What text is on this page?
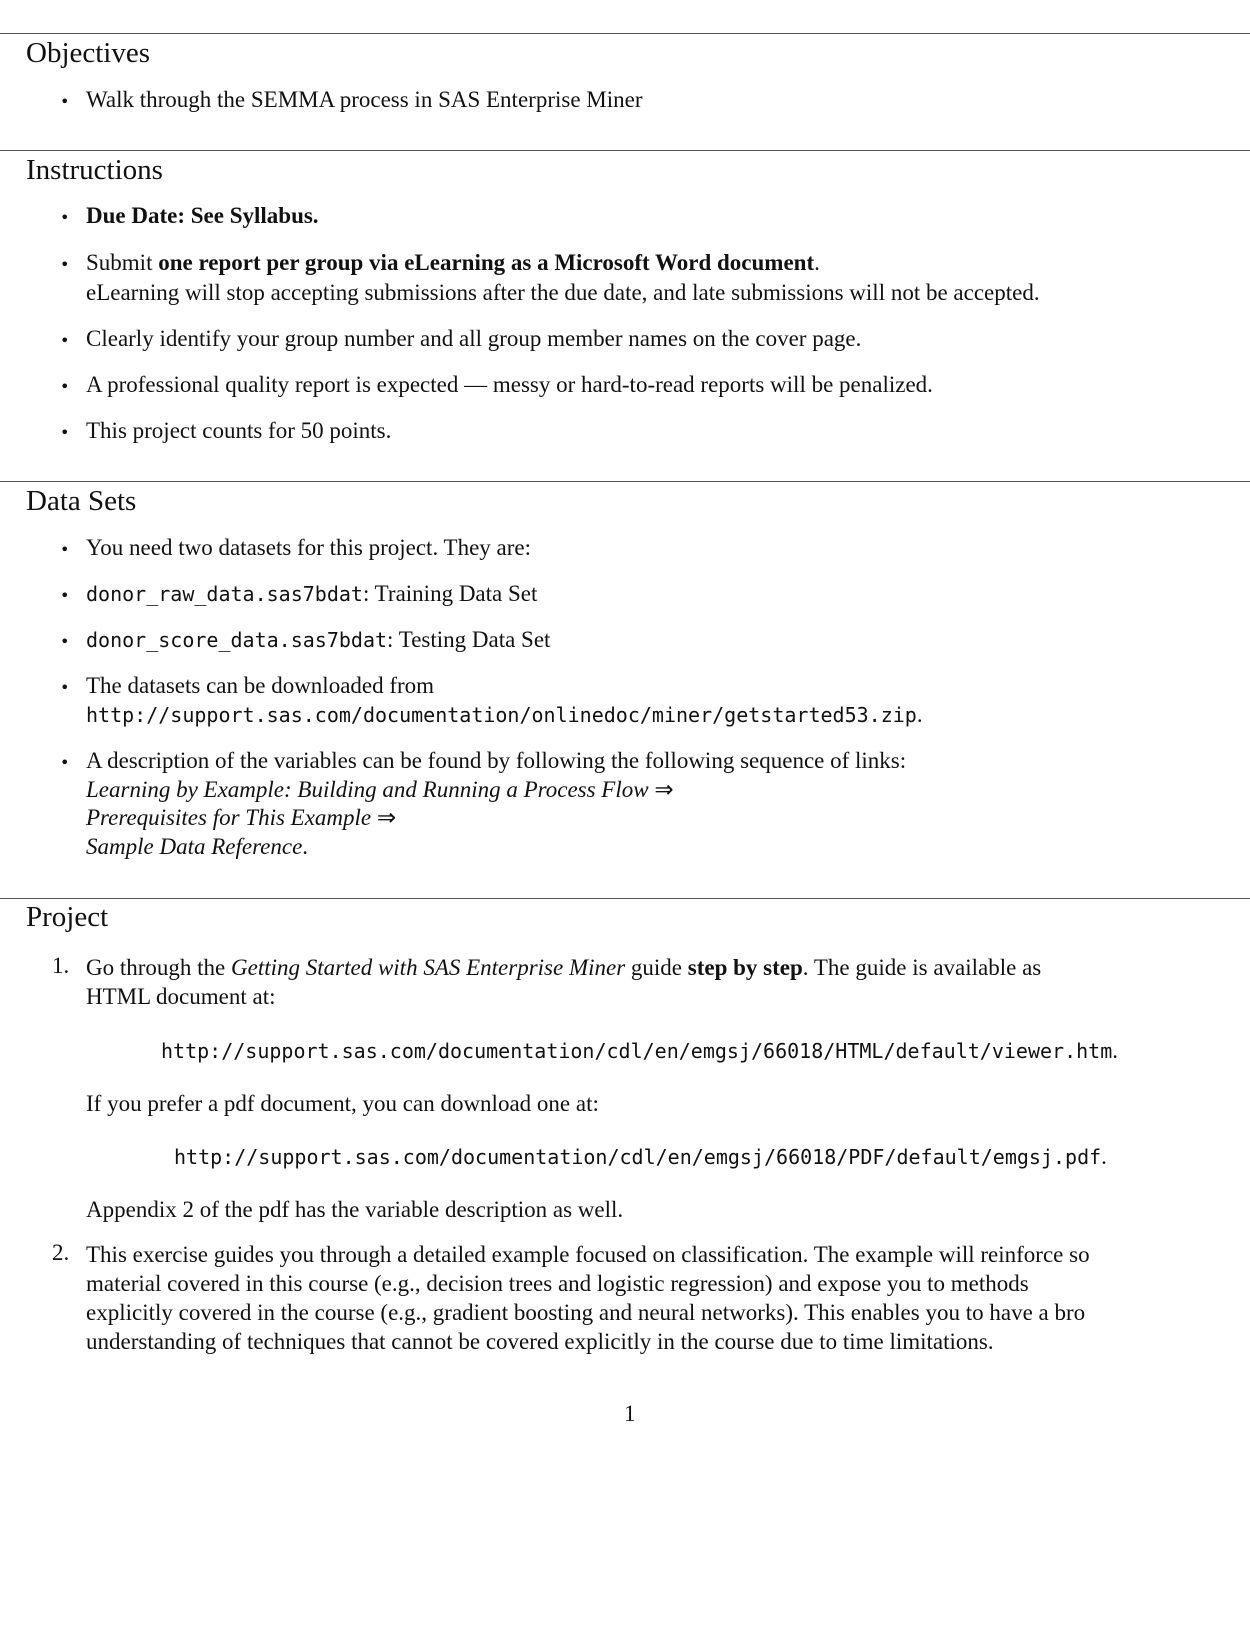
Objectives
• Walk through the SEMMA process in SAS Enterprise Miner
Instructions
• Due Date: See Syllabus.
• Submit one report per group via eLearning as a Microsoft Word document.
eLearning will stop accepting submissions after the due date, and late submissions will not be accepted.
• Clearly identify your group number and all group member names on the cover page.
• A professional quality report is expected — messy or hard-to-read reports will be penalized.
• This project counts for 50 points.
Data Sets
• You need two datasets for this project. They are:
• donor_raw_data.sas7bdat: Training Data Set
• donor_score_data.sas7bdat: Testing Data Set
• The datasets can be downloaded from
http://support.sas.com/documentation/onlinedoc/miner/getstarted53.zip.
• A description of the variables can be found by following the following sequence of links:
Learning by Example: Building and Running a Process Flow ⇒
Prerequisites for This Example ⇒
Sample Data Reference.
Project
1. Go through the Getting Started with SAS Enterprise Miner guide step by step. The guide is available as
HTML document at:
http://support.sas.com/documentation/cdl/en/emgsj/66018/HTML/default/viewer.htm.
If you prefer a pdf document, you can download one at:
http://support.sas.com/documentation/cdl/en/emgsj/66018/PDF/default/emgsj.pdf.
Appendix 2 of the pdf has the variable description as well.
2. This exercise guides you through a detailed example focused on classification. The example will reinforce so
material covered in this course (e.g., decision trees and logistic regression) and expose you to methods
explicitly covered in the course (e.g., gradient boosting and neural networks). This enables you to have a bro
understanding of techniques that cannot be covered explicitly in the course due to time limitations.
1
